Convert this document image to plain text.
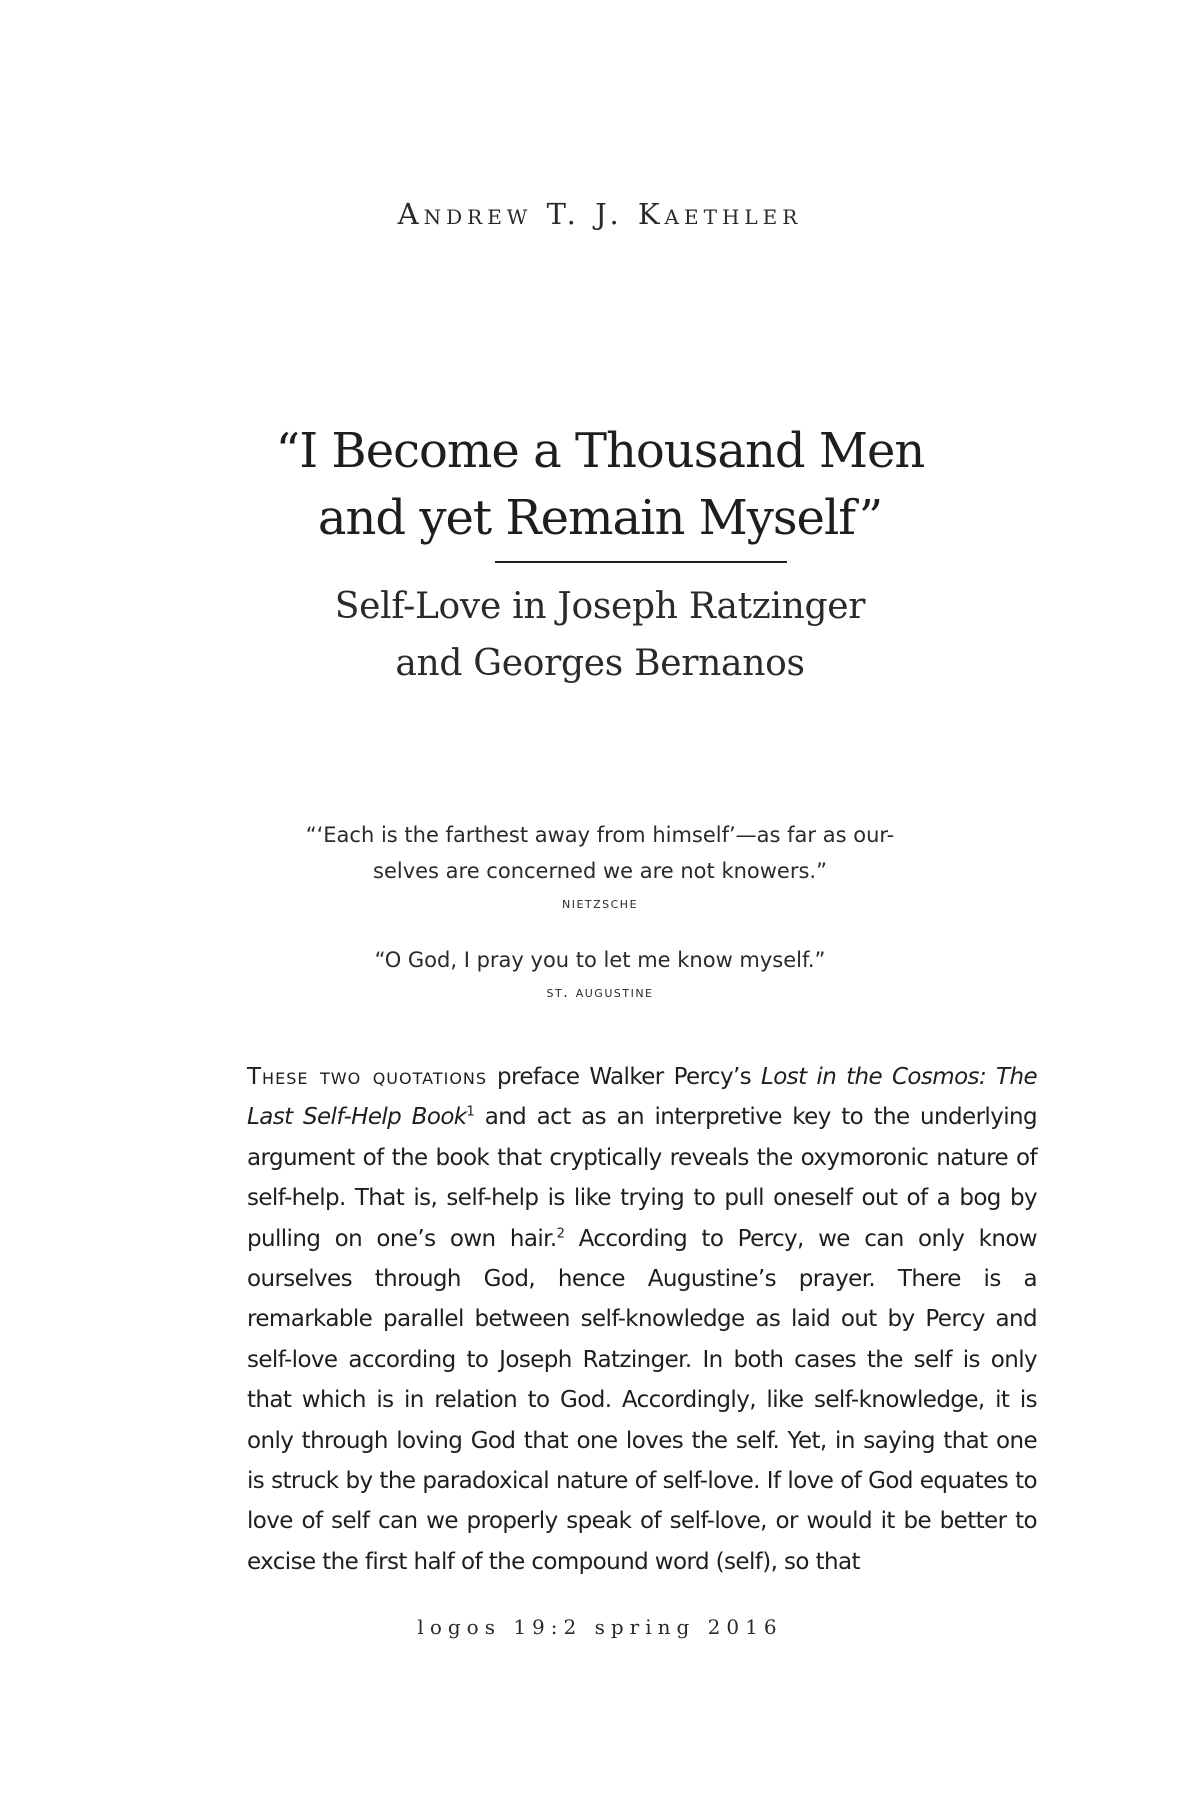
Andrew T. J. Kaethler
“I Become a Thousand Men
and yet Remain Myself”
Self-Love in Joseph Ratzinger
and Georges Bernanos

“‘Each is the farthest away from himself’—as far as our-

selves are concerned we are not knowers.”

nietzsche

“O God, I pray you to let me know myself.”

st. augustine
These two quotations preface Walker Percy’s Lost in the Cosmos: The Last Self-Help Book$^1$ and act as an interpretive key to the underlying argument of the book that cryptically reveals the oxymoronic nature of self-help. That is, self-help is like trying to pull oneself out of a bog by pulling on one’s own hair.$^2$ According to Percy, we can only know ourselves through God, hence Augustine’s prayer. There is a remarkable parallel between self-knowledge as laid out by Percy and self-love according to Joseph Ratzinger. In both cases the self is only that which is in relation to God. Accordingly, like self-knowledge, it is only through loving God that one loves the self. Yet, in saying that one is struck by the paradoxical nature of self-love. If love of God equates to love of self can we properly speak of self-love, or would it be better to excise the first half of the compound word (self), so that
logos 19:2 spring 2016
